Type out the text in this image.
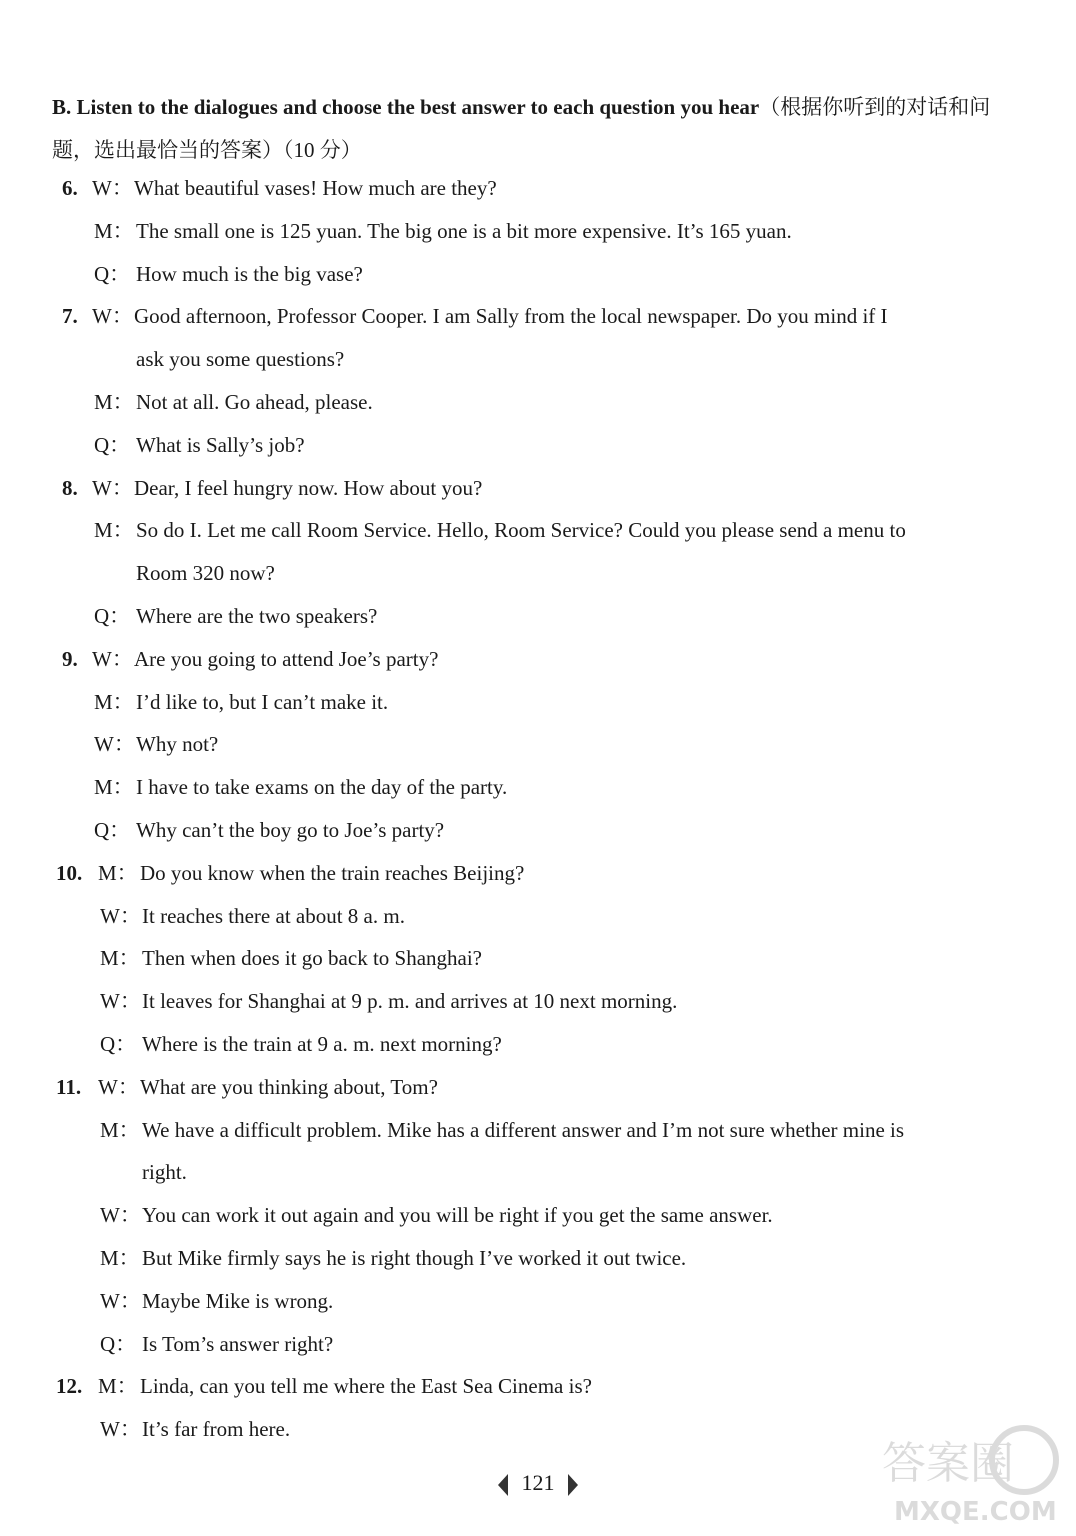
B. Listen to the dialogues and choose the best answer to each question you hear（根据你听到的对话和问题，选出最恰当的答案）（10 分）
6. W： What beautiful vases! How much are they?
M： The small one is 125 yuan. The big one is a bit more expensive. It’s 165 yuan.
Q： How much is the big vase?
7. W： Good afternoon, Professor Cooper. I am Sally from the local newspaper. Do you mind if I
ask you some questions?
M： Not at all. Go ahead, please.
Q： What is Sally’s job?
8. W： Dear, I feel hungry now. How about you?
M： So do I. Let me call Room Service. Hello, Room Service? Could you please send a menu to
Room 320 now?
Q： Where are the two speakers?
9. W： Are you going to attend Joe’s party?
M： I’d like to, but I can’t make it.
W： Why not?
M： I have to take exams on the day of the party.
Q： Why can’t the boy go to Joe’s party?
10. M： Do you know when the train reaches Beijing?
W： It reaches there at about 8 a. m.
M： Then when does it go back to Shanghai?
W： It leaves for Shanghai at 9 p. m. and arrives at 10 next morning.
Q： Where is the train at 9 a. m. next morning?
11. W： What are you thinking about, Tom?
M： We have a difficult problem. Mike has a different answer and I’m not sure whether mine is
right.
W： You can work it out again and you will be right if you get the same answer.
M： But Mike firmly says he is right though I’ve worked it out twice.
W： Maybe Mike is wrong.
Q： Is Tom’s answer right?
12. M： Linda, can you tell me where the East Sea Cinema is?
W： It’s far from here.
121	答案圈
MXQE.COM
